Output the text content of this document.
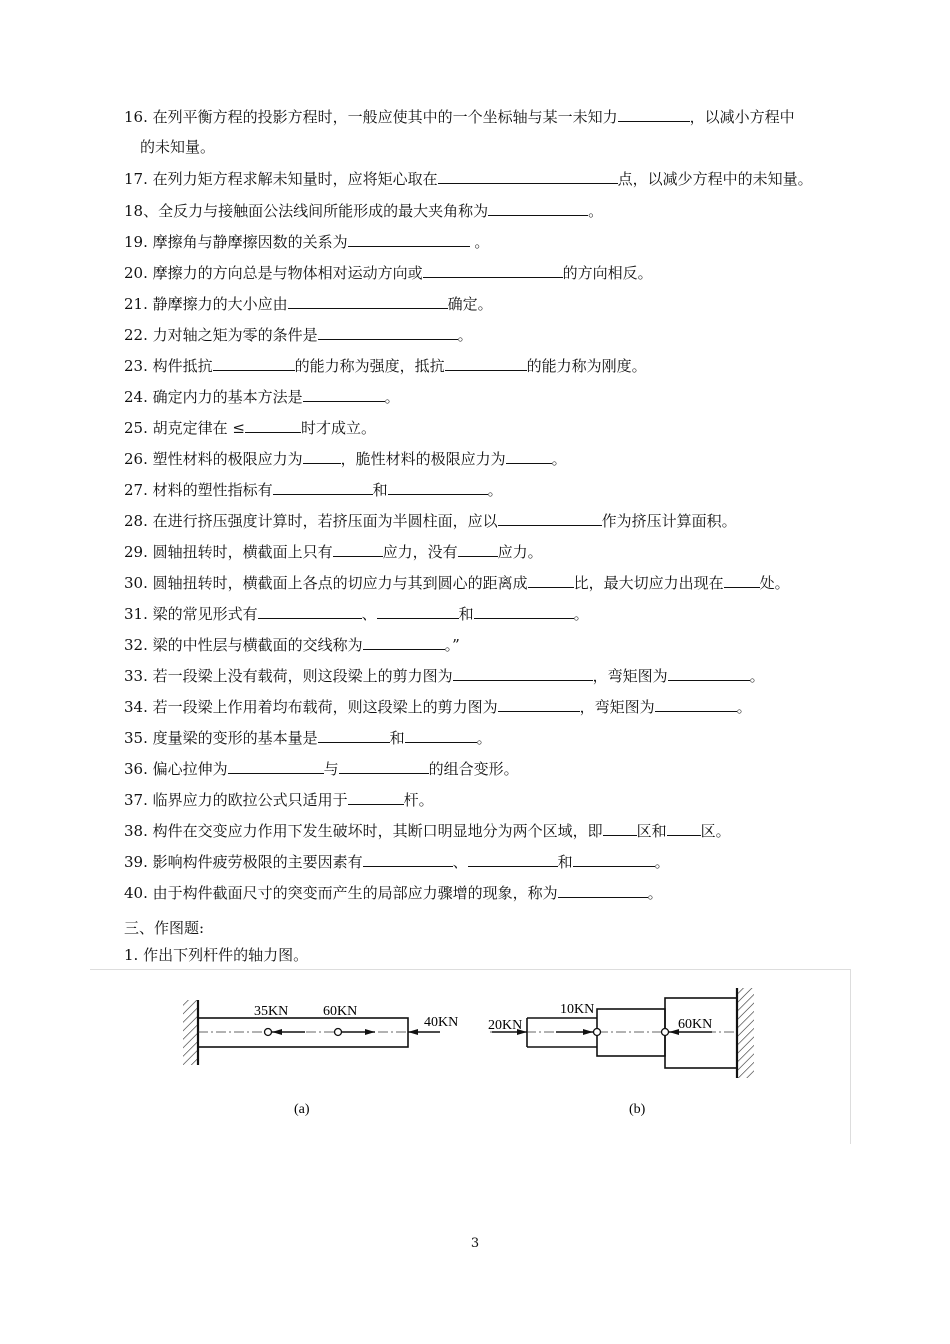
16. 在列平衡方程的投影方程时，一般应使其中的一个坐标轴与某一未知力	，以减小方程中
17. 在列力矩方程求解未知量时，应将矩心取在	点，以减少方程中的未知量。
18、全反力与接触面公法线间所能形成的最大夹角称为	。
19. 摩擦角与静摩擦因数的关系为	。
20. 摩擦力的方向总是与物体相对运动方向或	的方向相反。
21. 静摩擦力的大小应由	确定。
22. 力对轴之矩为零的条件是	。
23. 构件抵抗	的能力称为强度，抵抗	的能力称为刚度。
24. 确定内力的基本方法是	。
25. 胡克定律在 ≤	时才成立。
26. 塑性材料的极限应力为	，脆性材料的极限应力为	。
27. 材料的塑性指标有	和	。
28. 在进行挤压强度计算时，若挤压面为半圆柱面，应以	作为挤压计算面积。
29. 圆轴扭转时，横截面上只有	应力，没有	应力。
30. 圆轴扭转时，横截面上各点的切应力与其到圆心的距离成	比，最大切应力出现在 处。
31. 梁的常见形式有	、	和	。
32. 梁的中性层与横截面的交线称为	。”
33. 若一段梁上没有载荷，则这段梁上的剪力图为	，弯矩图为	。
34. 若一段梁上作用着均布载荷，则这段梁上的剪力图为	，弯矩图为	。
35. 度量梁的变形的基本量是	和	。
36. 偏心拉伸为	与	的组合变形。
37. 临界应力的欧拉公式只适用于	杆。
38. 构件在交变应力作用下发生破坏时，其断口明显地分为两个区域，即 区和 区。
39. 影响构件疲劳极限的主要因素有	、	和	。
40. 由于构件截面尺寸的突变而产生的局部应力骤增的现象，称为	。
的未知量。
三、作图题:
1. 作出下列杆件的轴力图。
35KN 60KN
40KN
(a)
20KN
10KN
60KN
(b)
3
